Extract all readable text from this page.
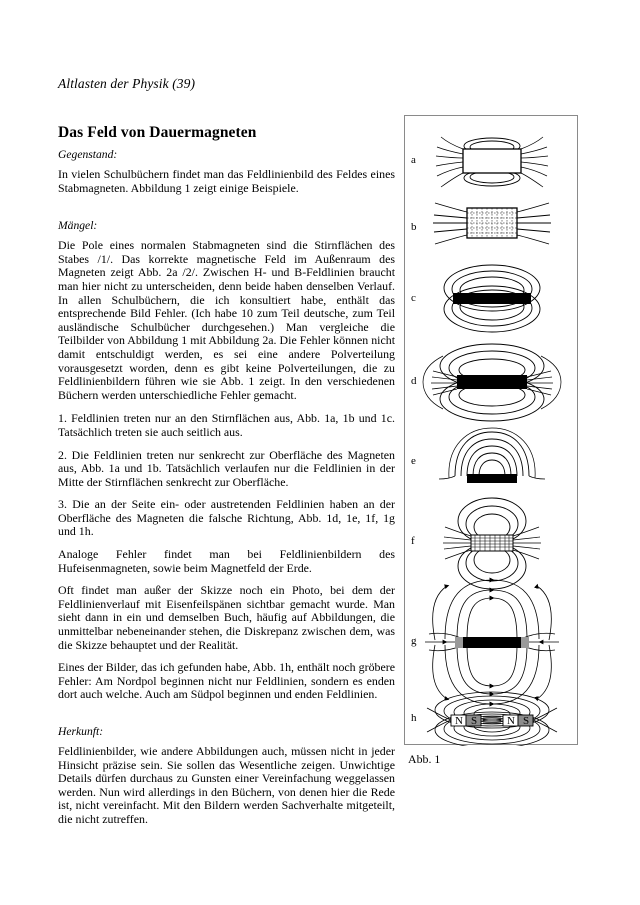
Altlasten der Physik (39)
Das Feld von Dauermagneten
Gegenstand:

In vielen Schulbüchern findet man das Feldlinienbild des Feldes eines Stabmagneten. Abbildung 1 zeigt einige Beispiele.

Mängel:

Die Pole eines normalen Stabmagneten sind die Stirnflächen des Stabes /1/. Das korrekte magnetische Feld im Außenraum des Magneten zeigt Abb. 2a /2/. Zwischen H- und B-Feldlinien braucht man hier nicht zu unterscheiden, denn beide haben denselben Verlauf. In allen Schulbüchern, die ich konsultiert habe, enthält das entsprechende Bild Fehler. (Ich habe 10 zum Teil deutsche, zum Teil ausländische Schulbücher durchgesehen.) Man vergleiche die Teilbilder von Abbildung 1 mit Abbildung 2a. Die Fehler können nicht damit entschuldigt werden, es sei eine andere Polverteilung vorausgesetzt worden, denn es gibt keine Polverteilungen, die zu Feldlinienbildern führen wie sie Abb. 1 zeigt. In den verschiedenen Büchern werden unterschiedliche Fehler gemacht.

1. Feldlinien treten nur an den Stirnflächen aus, Abb. 1a, 1b und 1c. Tatsächlich treten sie auch seitlich aus.

2. Die Feldlinien treten nur senkrecht zur Oberfläche des Magneten aus, Abb. 1a und 1b. Tatsächlich verlaufen nur die Feldlinien in der Mitte der Stirnflächen senkrecht zur Oberfläche.

3. Die an der Seite ein- oder austretenden Feldlinien haben an der Oberfläche des Magneten die falsche Richtung, Abb. 1d, 1e, 1f, 1g und 1h.

Analoge Fehler findet man bei Feldlinienbildern des Hufeisenmagneten, sowie beim Magnetfeld der Erde.

Oft findet man außer der Skizze noch ein Photo, bei dem der Feldlinienverlauf mit Eisenfeilspänen sichtbar gemacht wurde. Man sieht dann in ein und demselben Buch, häufig auf Abbildungen, die unmittelbar nebeneinander stehen, die Diskrepanz zwischen dem, was die Skizze behauptet und der Realität.

Eines der Bilder, das ich gefunden habe, Abb. 1h, enthält noch gröbere Fehler: Am Nordpol beginnen nicht nur Feldlinien, sondern es enden dort auch welche. Auch am Südpol beginnen und enden Feldlinien.

Herkunft:

Feldlinienbilder, wie andere Abbildungen auch, müssen nicht in jeder Hinsicht präzise sein. Sie sollen das Wesentliche zeigen. Unwichtige Details dürfen durchaus zu Gunsten einer Vereinfachung weggelassen werden. Nun wird allerdings in den Büchern, von denen hier die Rede ist, nicht vereinfacht. Mit den Bildern werden Sachverhalte mitgeteilt, die nicht zutreffen.

a
b
c
d
e
f
g
h	N S	N S
Abb. 1
